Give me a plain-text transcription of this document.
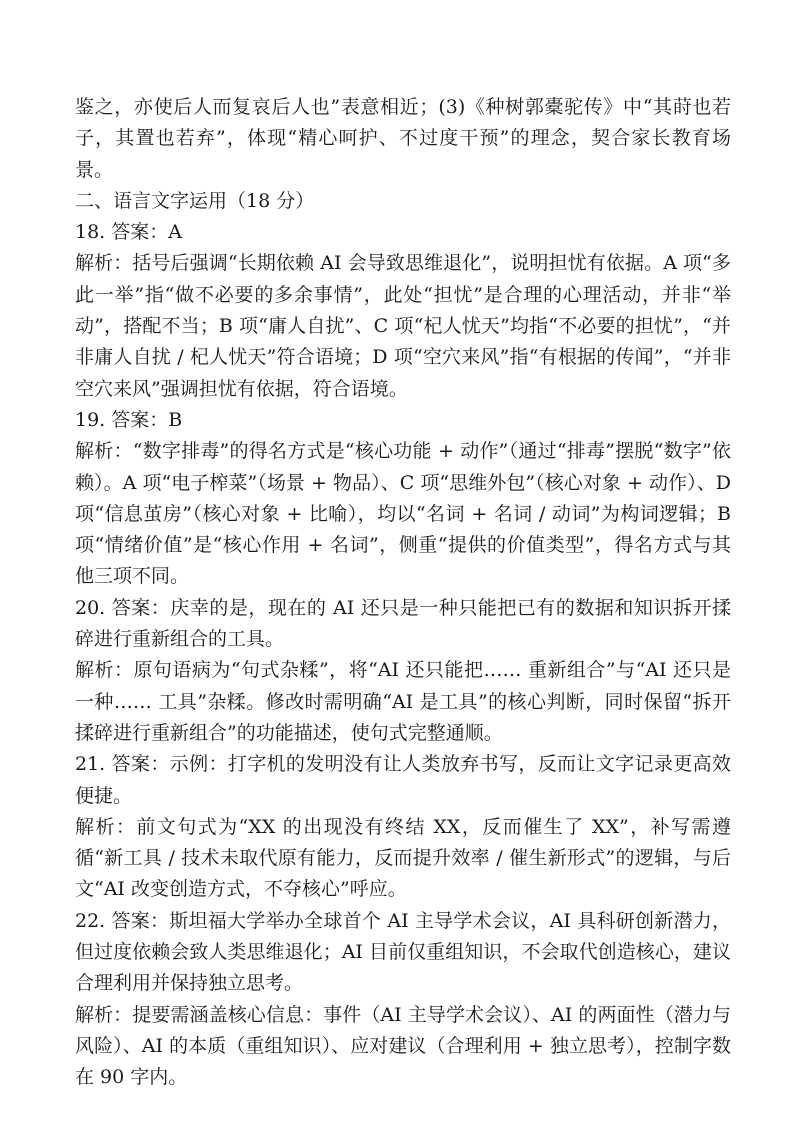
鉴之，亦使后人而复哀后人也”表意相近；(3)《种树郭橐驼传》中“其莳也若子，其置也若弃”，体现“精心呵护、不过度干预”的理念，契合家长教育场景。

二、语言文字运用（18 分）

18. 答案：A

解析：括号后强调“长期依赖 AI 会导致思维退化”，说明担忧有依据。A 项“多此一举”指“做不必要的多余事情”，此处“担忧”是合理的心理活动，并非“举动”，搭配不当；B 项“庸人自扰”、C 项“杞人忧天”均指“不必要的担忧”，“并非庸人自扰 / 杞人忧天”符合语境；D 项“空穴来风”指“有根据的传闻”，“并非空穴来风”强调担忧有依据，符合语境。

19. 答案：B

解析：“数字排毒”的得名方式是“核心功能 + 动作”（通过“排毒”摆脱“数字”依赖）。A 项“电子榨菜”（场景 + 物品）、C 项“思维外包”（核心对象 + 动作）、D 项“信息茧房”（核心对象 + 比喻），均以“名词 + 名词 / 动词”为构词逻辑；B 项“情绪价值”是“核心作用 + 名词”，侧重“提供的价值类型”，得名方式与其他三项不同。

20. 答案：庆幸的是，现在的 AI 还只是一种只能把已有的数据和知识拆开揉碎进行重新组合的工具。

解析：原句语病为“句式杂糅”，将“AI 还只能把…… 重新组合”与“AI 还只是一种…… 工具”杂糅。修改时需明确“AI 是工具”的核心判断，同时保留“拆开揉碎进行重新组合”的功能描述，使句式完整通顺。

21. 答案：示例：打字机的发明没有让人类放弃书写，反而让文字记录更高效便捷。

解析：前文句式为“XX 的出现没有终结 XX，反而催生了 XX”，补写需遵循“新工具 / 技术未取代原有能力，反而提升效率 / 催生新形式”的逻辑，与后文“AI 改变创造方式，不夺核心”呼应。

22. 答案：斯坦福大学举办全球首个 AI 主导学术会议，AI 具科研创新潜力，但过度依赖会致人类思维退化；AI 目前仅重组知识，不会取代创造核心，建议合理利用并保持独立思考。

解析：提要需涵盖核心信息：事件（AI 主导学术会议）、AI 的两面性（潜力与风险）、AI 的本质（重组知识）、应对建议（合理利用 + 独立思考），控制字数在 90 字内。
